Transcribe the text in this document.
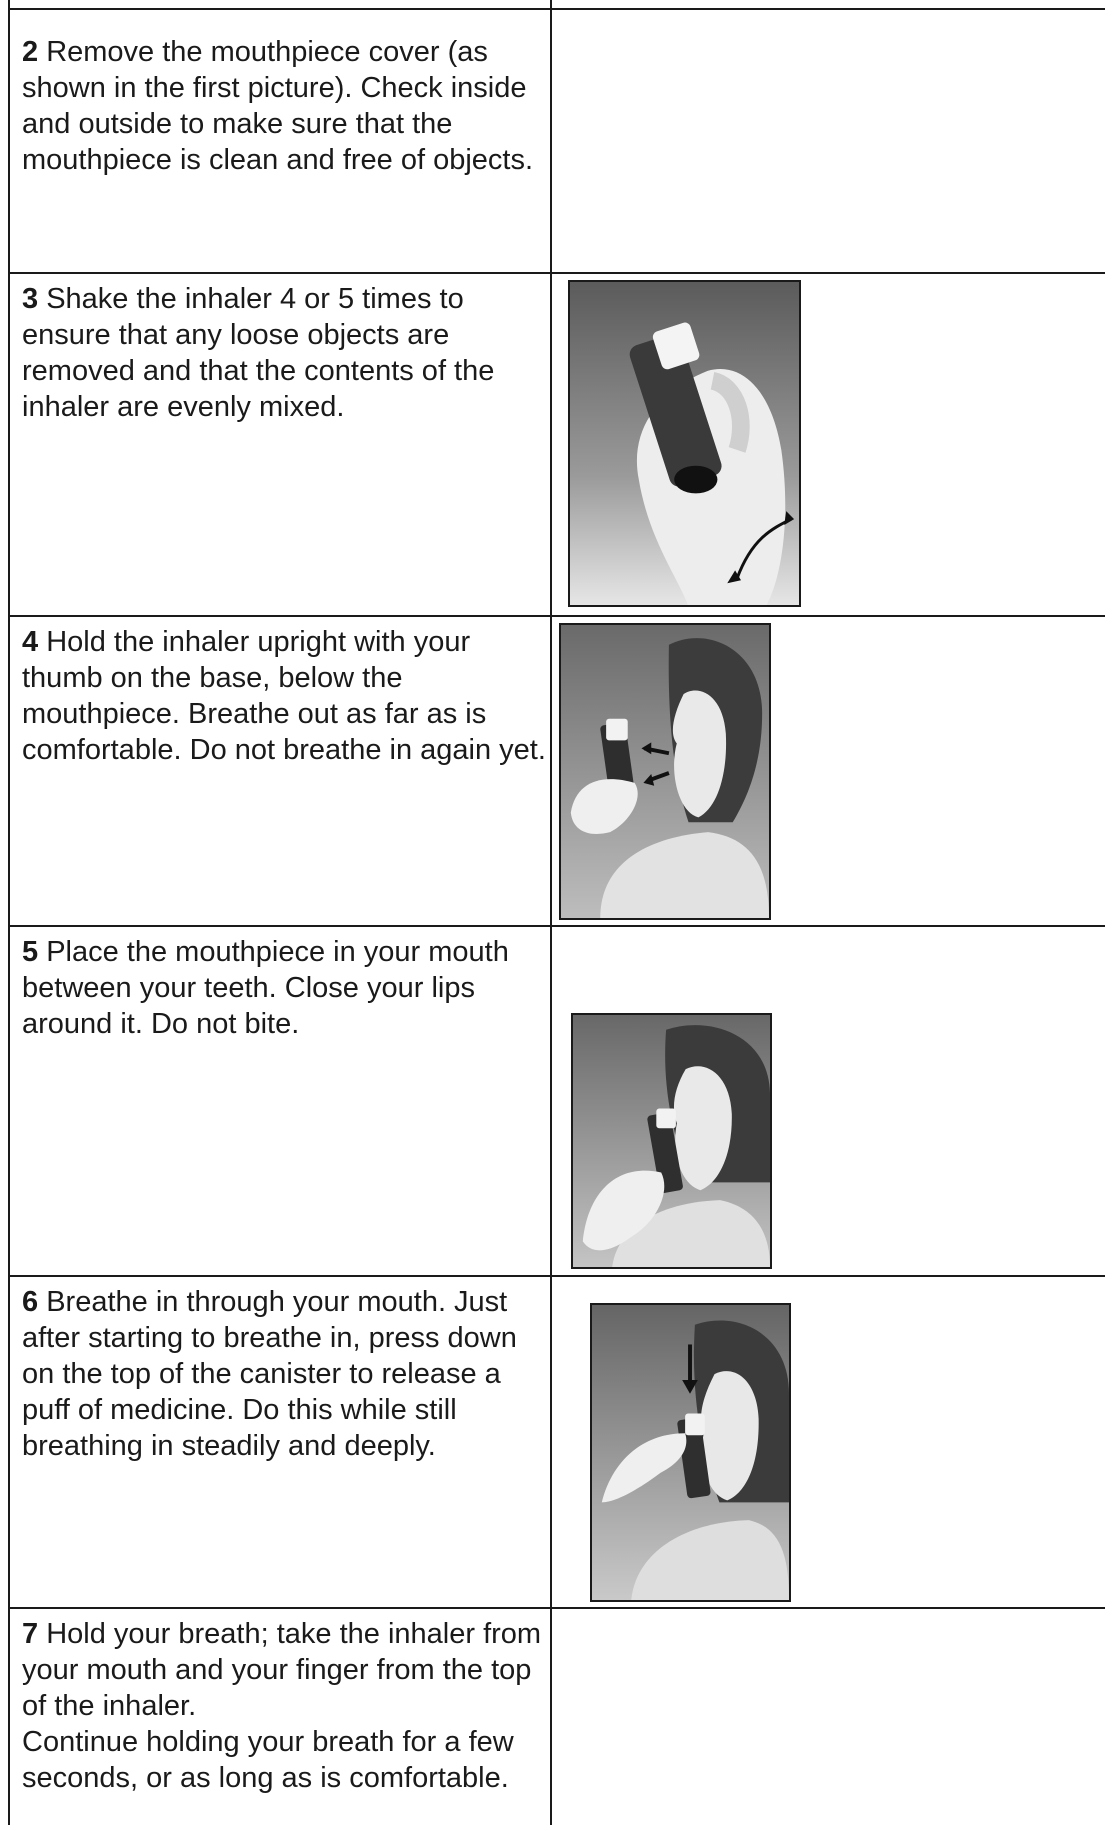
2 Remove the mouthpiece cover (as shown in the first picture). Check inside and outside to make sure that the mouthpiece is clean and free of objects.

3 Shake the inhaler 4 or 5 times to ensure that any loose objects are removed and that the contents of the inhaler are evenly mixed.

4 Hold the inhaler upright with your thumb on the base, below the mouthpiece. Breathe out as far as is comfortable. Do not breathe in again yet.

5 Place the mouthpiece in your mouth between your teeth. Close your lips around it. Do not bite.

6 Breathe in through your mouth. Just after starting to breathe in, press down on the top of the canister to release a puff of medicine. Do this while still breathing in steadily and deeply.

7 Hold your breath; take the inhaler from your mouth and your finger from the top of the inhaler.
Continue holding your breath for a few seconds, or as long as is comfortable.
